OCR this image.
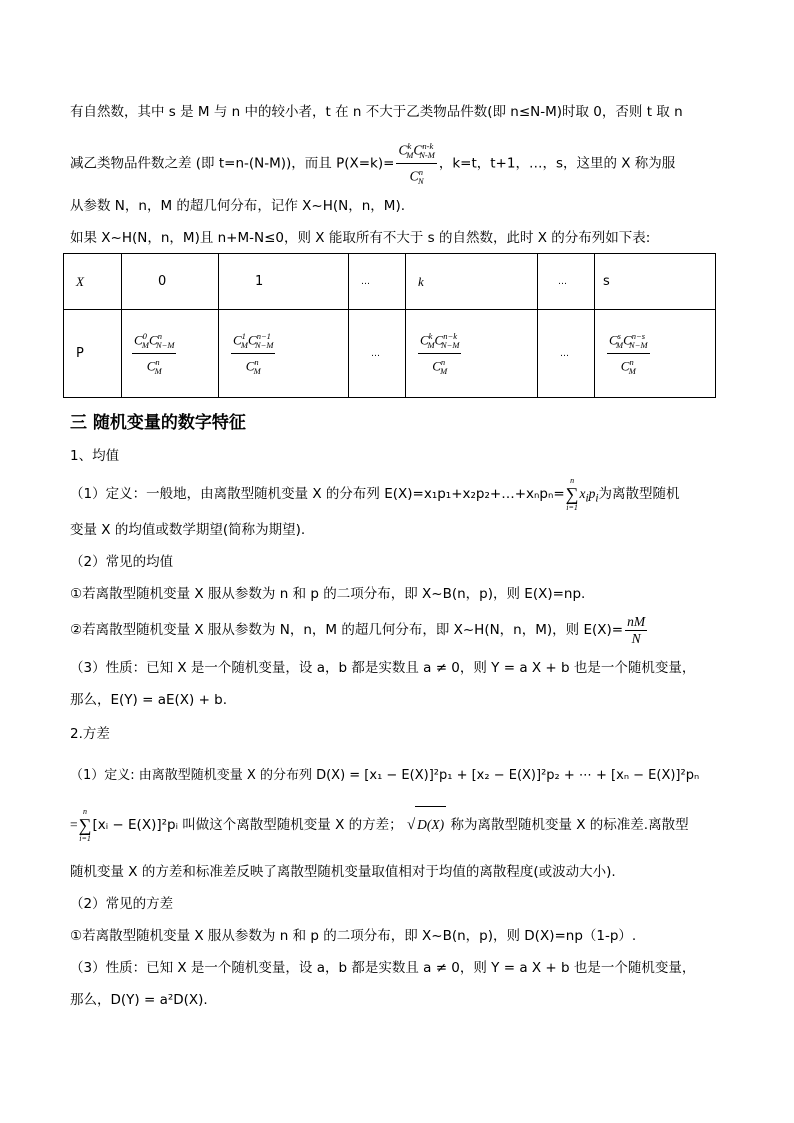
有自然数，其中 s 是 M 与 n 中的较小者，t 在 n 不大于乙类物品件数(即 n≤N-M)时取 0，否则 t 取 n
减乙类物品件数之差 (即 t=n-(N-M))，而且 $P(X=k)= \frac{C^k_MC^{n-k}_{N-M}}{C^n_N}$ ，k=t，t+1，…，s，这里的 X 称为服
从参数 N，n，M 的超几何分布，记作 X~H(N，n，M).
如果 X~H(N，n，M)且 n+M-N≤0，则 X 能取所有不大于 s 的自然数，此时 X 的分布列如下表:
X	0	1	…	k	…	s
P	$\frac{C^0_MC^n_{N-M}}{C^n_M}$	$\frac{C^1_MC^{n-1}_{N-M}}{C^n_M}$	…	$\frac{C^k_MC^{n-k}_{N-M}}{C^n_M}$	…	$\frac{C^s_MC^{n-s}_{N-M}}{C^n_M}$
三 随机变量的数字特征
1、均值
（1）定义：一般地，由离散型随机变量 X 的分布列 E(X)=x₁p₁+x₂p₂+…+xₙpₙ=
n
∑
i=1
$x_ip_i$为离散型随机
变量 X 的均值或数学期望(简称为期望).
（2）常见的均值
①若离散型随机变量 X 服从参数为 n 和 p 的二项分布，即 X~B(n，p)，则 E(X)=np.
②若离散型随机变量 X 服从参数为 N，n，M 的超几何分布，即 X~H(N，n，M)，则 $E(X)= \frac{nM}{N}$
（3）性质：已知 X 是一个随机变量，设 a，b 都是实数且 a ≠ 0，则 Y = a X + b 也是一个随机变量，
那么，E(Y) = aE(X) + b.
2.方差
（1）定义: 由离散型随机变量 X 的分布列 D(X) = [x₁ − E(X)]²p₁ + [x₂ − E(X)]²p₂ + ⋯ + [xₙ − E(X)]²pₙ
=
n
∑
i=1
[xᵢ − E(X)]²pᵢ 叫做这个离散型随机变量 X 的方差； √ D(X) 称为离散型随机变量 X 的标准差.离散型
随机变量 X 的方差和标准差反映了离散型随机变量取值相对于均值的离散程度(或波动大小).
（2）常见的方差
①若离散型随机变量 X 服从参数为 n 和 p 的二项分布，即 X~B(n，p)，则 D(X)=np（1-p）.
（3）性质：已知 X 是一个随机变量，设 a，b 都是实数且 a ≠ 0，则 Y = a X + b 也是一个随机变量，
那么，D(Y) = a²D(X).
